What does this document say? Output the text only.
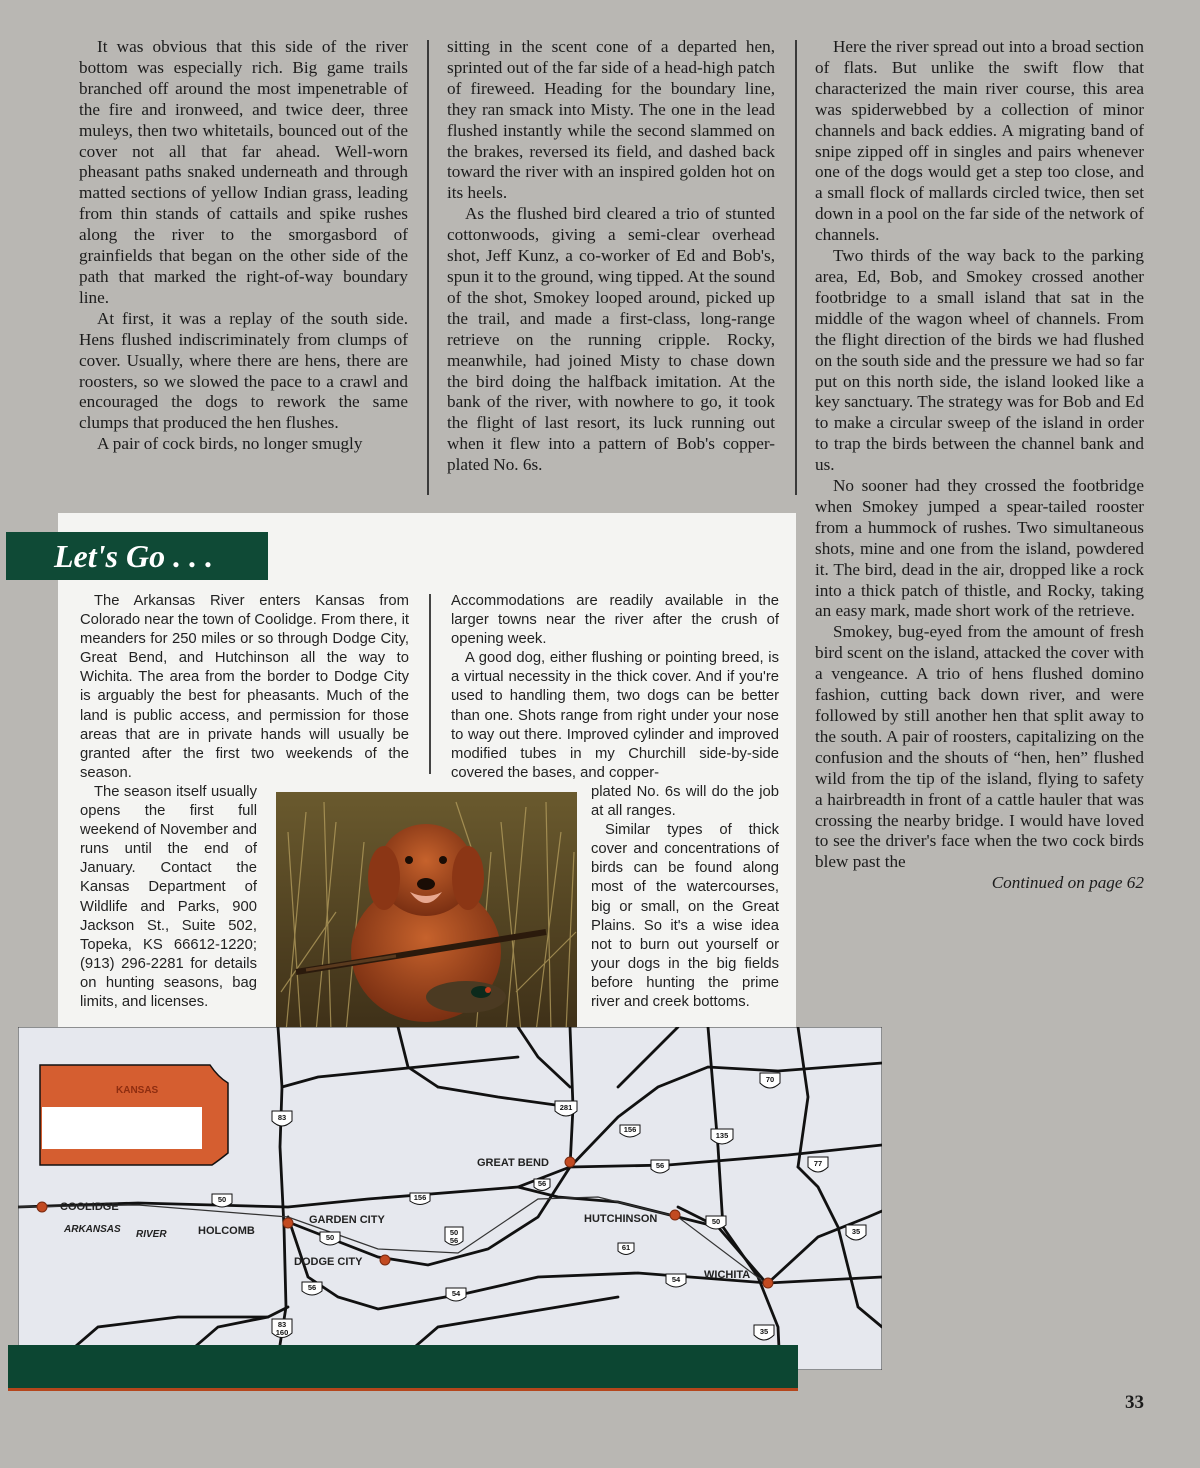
It was obvious that this side of the river bottom was especially rich. Big game trails branched off around the most impenetrable of the fire and ironweed, and twice deer, three muleys, then two whitetails, bounced out of the cover not all that far ahead. Well-worn pheasant paths snaked underneath and through matted sections of yellow Indian grass, leading from thin stands of cattails and spike rushes along the river to the smorgasbord of grainfields that began on the other side of the path that marked the right-of-way boundary line.

At first, it was a replay of the south side. Hens flushed indiscriminately from clumps of cover. Usually, where there are hens, there are roosters, so we slowed the pace to a crawl and encouraged the dogs to rework the same clumps that produced the hen flushes.

A pair of cock birds, no longer smugly

sitting in the scent cone of a departed hen, sprinted out of the far side of a head-high patch of fireweed. Heading for the boundary line, they ran smack into Misty. The one in the lead flushed instantly while the second slammed on the brakes, reversed its field, and dashed back toward the river with an inspired golden hot on its heels.

As the flushed bird cleared a trio of stunted cottonwoods, giving a semi-clear overhead shot, Jeff Kunz, a co-worker of Ed and Bob's, spun it to the ground, wing tipped. At the sound of the shot, Smokey looped around, picked up the trail, and made a first-class, long-range retrieve on the running cripple. Rocky, meanwhile, had joined Misty to chase down the bird doing the halfback imitation. At the bank of the river, with nowhere to go, it took the flight of last resort, its luck running out when it flew into a pattern of Bob's copper-plated No. 6s.

Here the river spread out into a broad section of flats. But unlike the swift flow that characterized the main river course, this area was spiderwebbed by a collection of minor channels and back eddies. A migrating band of snipe zipped off in singles and pairs whenever one of the dogs would get a step too close, and a small flock of mallards circled twice, then set down in a pool on the far side of the network of channels.

Two thirds of the way back to the parking area, Ed, Bob, and Smokey crossed another footbridge to a small island that sat in the middle of the wagon wheel of channels. From the flight direction of the birds we had flushed on the south side and the pressure we had so far put on this north side, the island looked like a key sanctuary. The strategy was for Bob and Ed to make a circular sweep of the island in order to trap the birds between the channel bank and us.

No sooner had they crossed the footbridge when Smokey jumped a spear-tailed rooster from a hummock of rushes. Two simultaneous shots, mine and one from the island, powdered it. The bird, dead in the air, dropped like a rock into a thick patch of thistle, and Rocky, taking an easy mark, made short work of the retrieve.

Smokey, bug-eyed from the amount of fresh bird scent on the island, attacked the cover with a vengeance. A trio of hens flushed domino fashion, cutting back down river, and were followed by still another hen that split away to the south. A pair of roosters, capitalizing on the confusion and the shouts of “hen, hen” flushed wild from the tip of the island, flying to safety a hairbreadth in front of a cattle hauler that was crossing the nearby bridge. I would have loved to see the driver's face when the two cock birds blew past the

Continued on page 62
Let's Go . . .

The Arkansas River enters Kansas from Colorado near the town of Coolidge. From there, it meanders for 250 miles or so through Dodge City, Great Bend, and Hutchinson all the way to Wichita. The area from the border to Dodge City is arguably the best for pheasants. Much of the land is public access, and permission for those areas that are in private hands will usually be granted after the first two weekends of the season.

The season itself usually opens the first full weekend of November and runs until the end of January. Contact the Kansas Department of Wildlife and Parks, 900 Jackson St., Suite 502, Topeka, KS 66612-1220; (913) 296-2281 for details on hunting seasons, bag limits, and licenses.

Accommodations are readily available in the larger towns near the river after the crush of opening week.

A good dog, either flushing or pointing breed, is a virtual necessity in the thick cover. And if you're used to handling them, two dogs can be better than one. Shots range from right under your nose to way out there. Improved cylinder and improved modified tubes in my Churchill side-by-side covered the bases, and copper-

plated No. 6s will do the job at all ranges.

Similar types of thick cover and concentrations of birds can be found along most of the watercourses, big or small, on the Great Plains. So it's a wise idea not to burn out yourself or your dogs in the big fields before hunting the prime river and creek bottoms.

KANSAS
COOLIDGE
HOLCOMB
GARDEN CITY
DODGE CITY
GREAT BEND
HUTCHINSON
WICHITA
ARKANSAS RIVER
70
83
281
156
135
56	77
50	156
50
50
56
56
61
50
35
54
54
56
83
160	35
33
